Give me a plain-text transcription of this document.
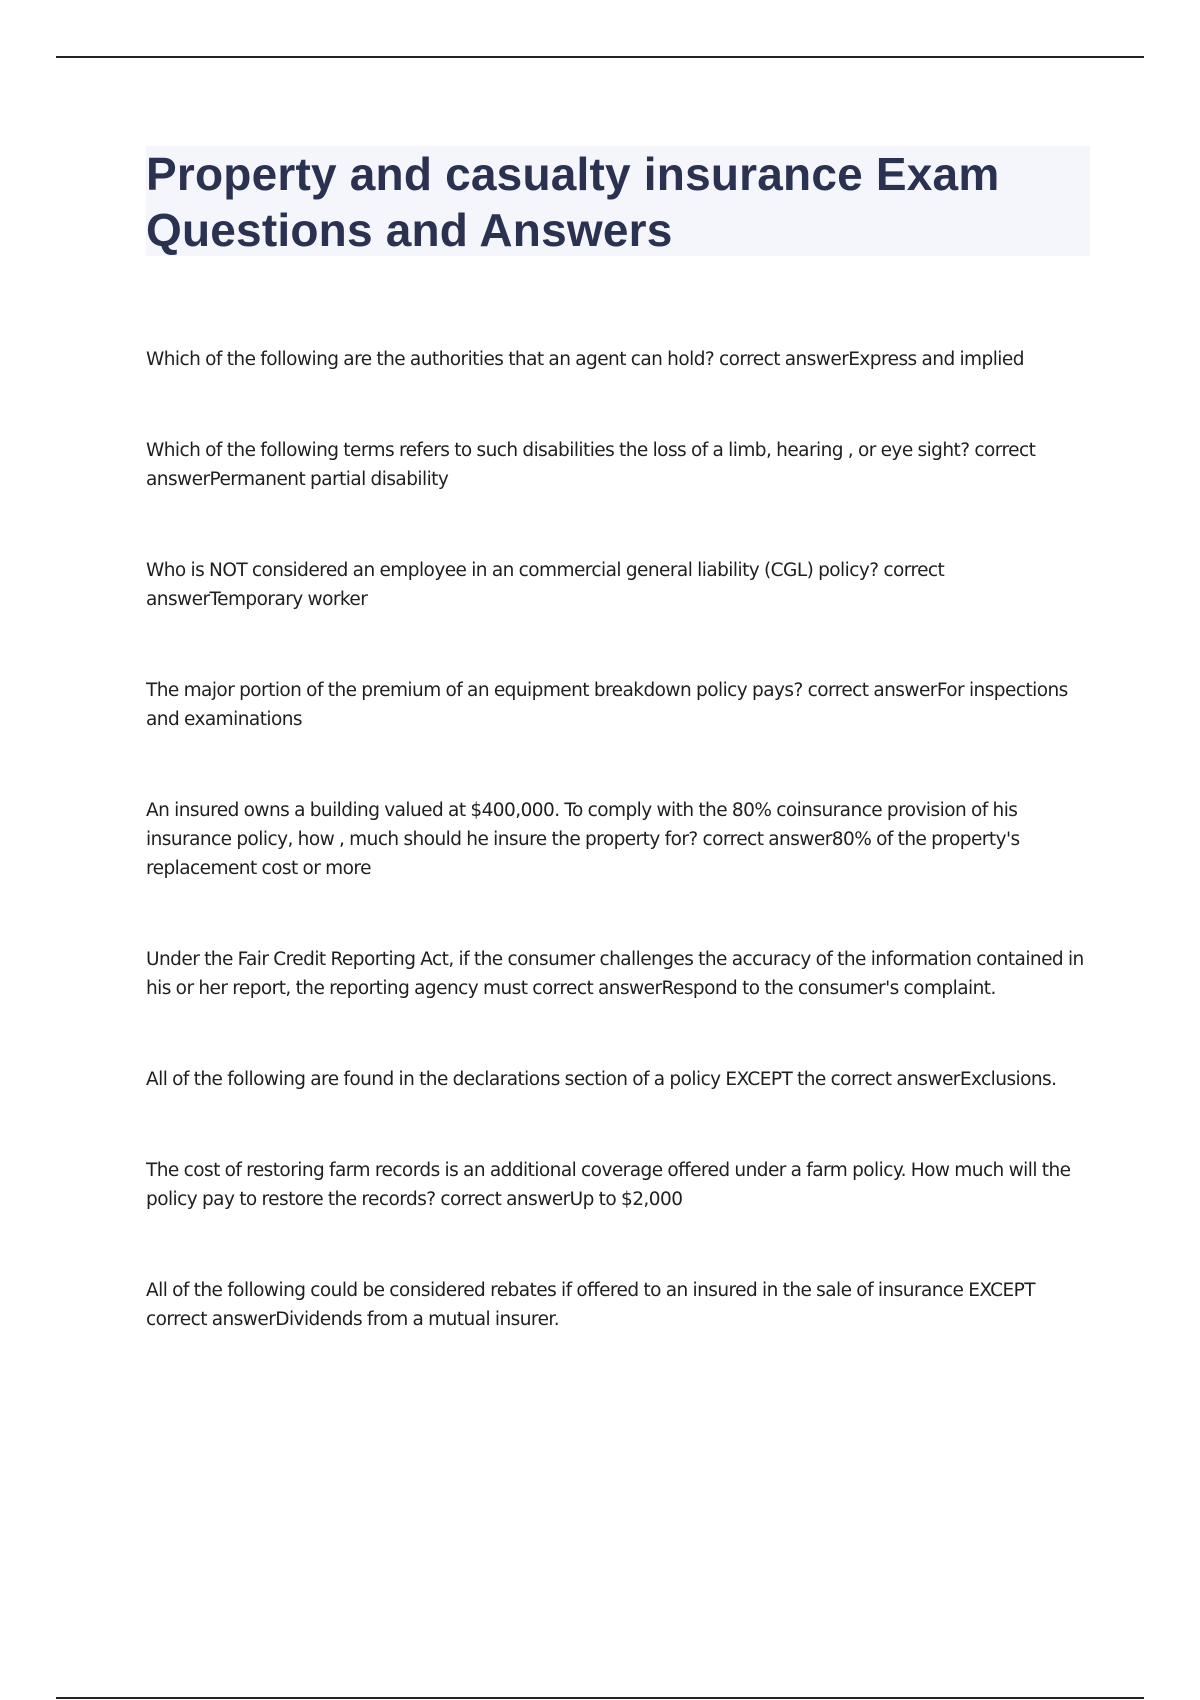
Property and casualty insurance Exam Questions and Answers

Which of the following are the authorities that an agent can hold? correct answerExpress and implied

Which of the following terms refers to such disabilities the loss of a limb, hearing , or eye sight? correct answerPermanent partial disability

Who is NOT considered an employee in an commercial general liability (CGL) policy? correct answerTemporary worker

The major portion of the premium of an equipment breakdown policy pays? correct answerFor inspections and examinations

An insured owns a building valued at $400,000. To comply with the 80% coinsurance provision of his insurance policy, how , much should he insure the property for? correct answer80% of the property's replacement cost or more

Under the Fair Credit Reporting Act, if the consumer challenges the accuracy of the information contained in his or her report, the reporting agency must correct answerRespond to the consumer's complaint.

All of the following are found in the declarations section of a policy EXCEPT the correct answerExclusions.

The cost of restoring farm records is an additional coverage offered under a farm policy. How much will the policy pay to restore the records? correct answerUp to $2,000

All of the following could be considered rebates if offered to an insured in the sale of insurance EXCEPT correct answerDividends from a mutual insurer.
